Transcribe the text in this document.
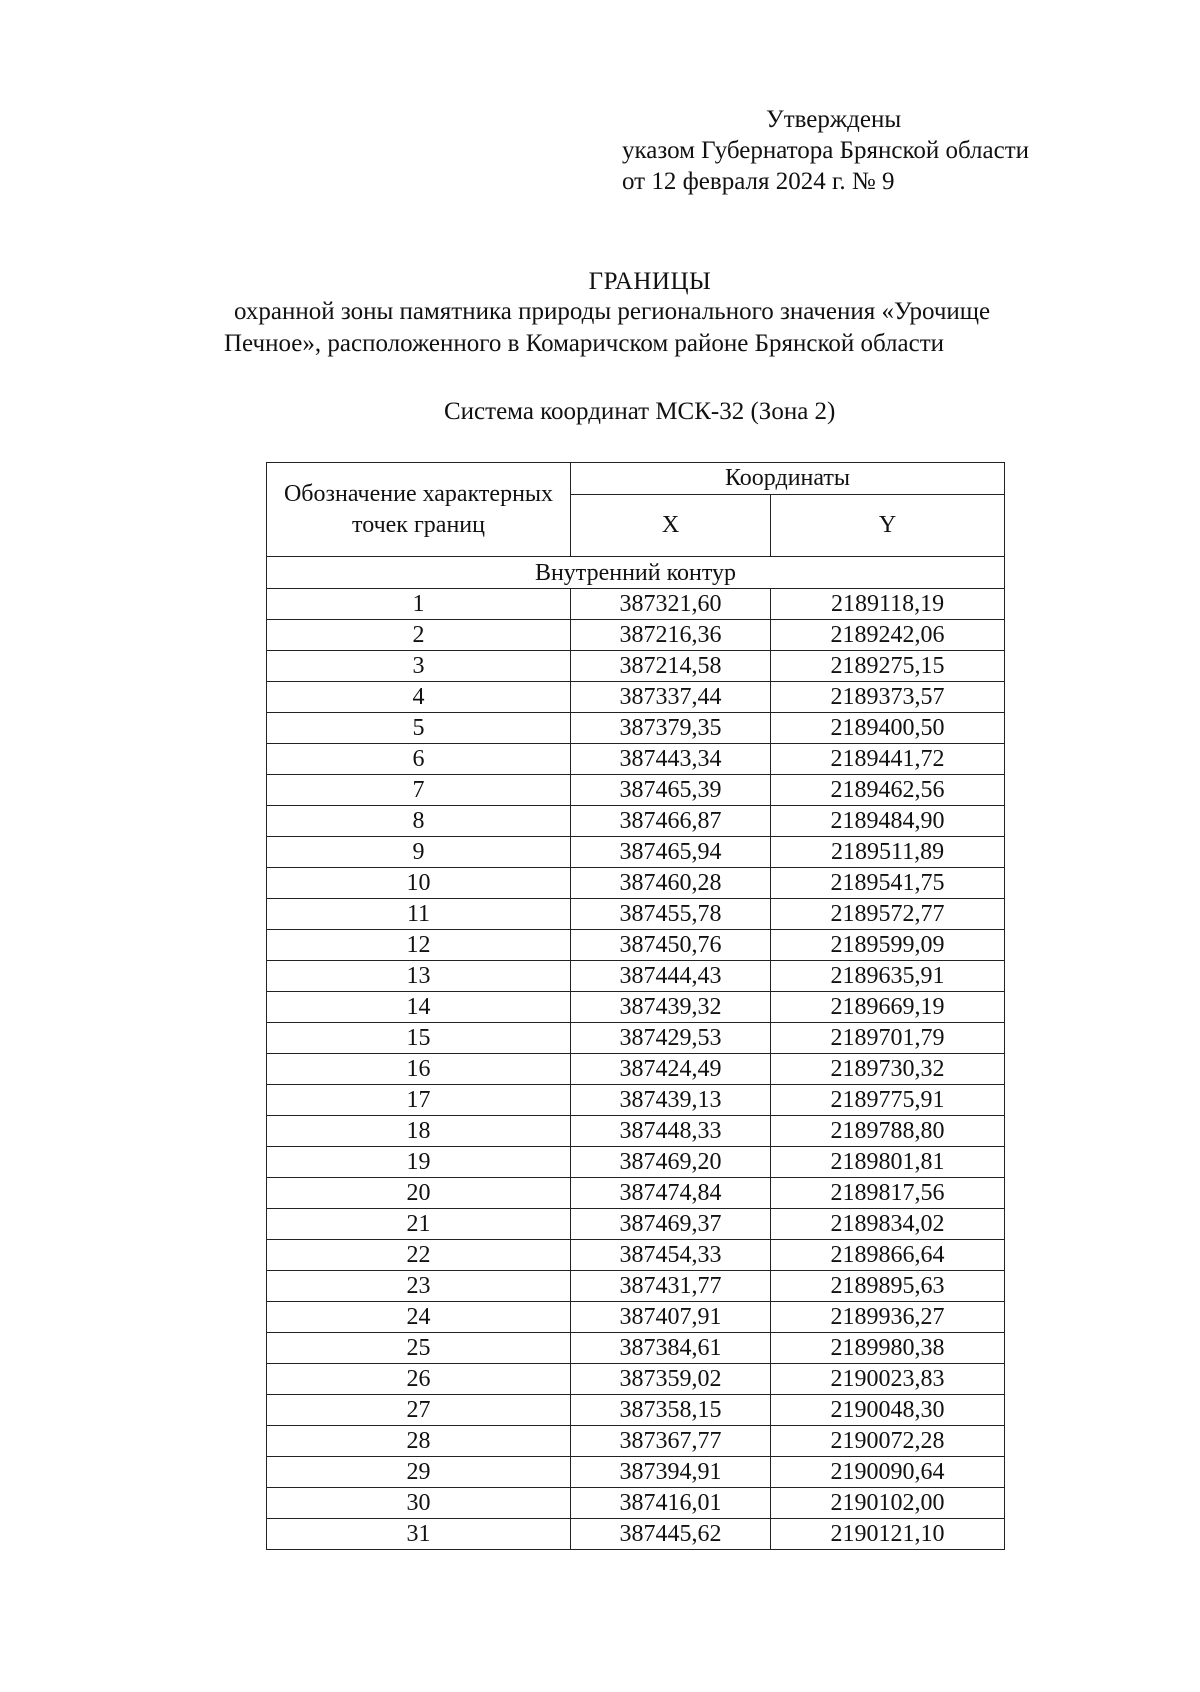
Утверждены
указом Губернатора Брянской области
от 12 февраля 2024 г. № 9
ГРАНИЦЫ
охранной зоны памятника природы регионального значения «Урочище
Печное», расположенного в Комаричском районе Брянской области
Система координат МСК-32 (Зона 2)
Обозначение характерных точек границ	Координаты	
	X	Y
Внутренний контур		
1	387321,60	2189118,19
2	387216,36	2189242,06
3	387214,58	2189275,15
4	387337,44	2189373,57
5	387379,35	2189400,50
6	387443,34	2189441,72
7	387465,39	2189462,56
8	387466,87	2189484,90
9	387465,94	2189511,89
10	387460,28	2189541,75
11	387455,78	2189572,77
12	387450,76	2189599,09
13	387444,43	2189635,91
14	387439,32	2189669,19
15	387429,53	2189701,79
16	387424,49	2189730,32
17	387439,13	2189775,91
18	387448,33	2189788,80
19	387469,20	2189801,81
20	387474,84	2189817,56
21	387469,37	2189834,02
22	387454,33	2189866,64
23	387431,77	2189895,63
24	387407,91	2189936,27
25	387384,61	2189980,38
26	387359,02	2190023,83
27	387358,15	2190048,30
28	387367,77	2190072,28
29	387394,91	2190090,64
30	387416,01	2190102,00
31	387445,62	2190121,10
